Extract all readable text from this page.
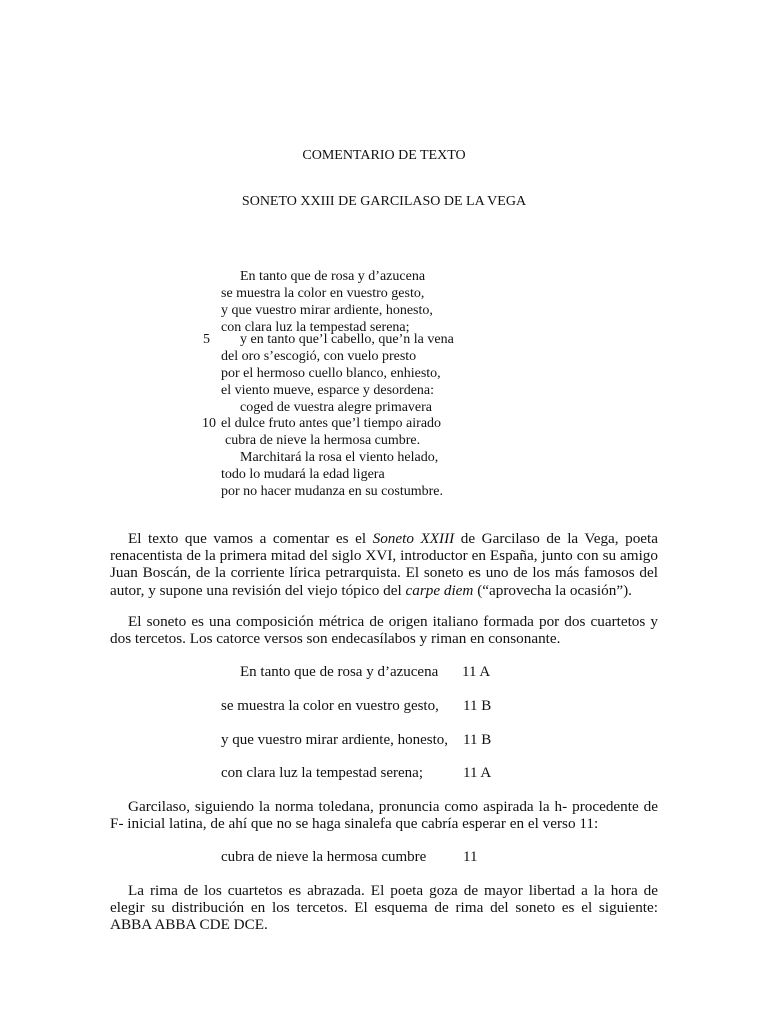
COMENTARIO DE TEXTO
SONETO XXIII DE GARCILASO DE LA VEGA
En tanto que de rosa y d’azucena
se muestra la color en vuestro gesto,
y que vuestro mirar ardiente, honesto,
con clara luz la tempestad serena;
5 y en tanto que’l cabello, que’n la vena
del oro s’escogió, con vuelo presto
por el hermoso cuello blanco, enhiesto,
el viento mueve, esparce y desordena:
coged de vuestra alegre primavera
10 el dulce fruto antes que’l tiempo airado
cubra de nieve la hermosa cumbre.
Marchitará la rosa el viento helado,
todo lo mudará la edad ligera
por no hacer mudanza en su costumbre.

El texto que vamos a comentar es el Soneto XXIII de Garcilaso de la Vega, poeta renacentista de la primera mitad del siglo XVI, introductor en España, junto con su amigo Juan Boscán, de la corriente lírica petrarquista. El soneto es uno de los más famosos del autor, y supone una revisión del viejo tópico del carpe diem (“aprovecha la ocasión”).

El soneto es una composición métrica de origen italiano formada por dos cuartetos y dos tercetos. Los catorce versos son endecasílabos y riman en consonante.

En tanto que de rosa y d’azucena 11 A
se muestra la color en vuestro gesto, 11 B
y que vuestro mirar ardiente, honesto, 11 B
con clara luz la tempestad serena;	11 A

Garcilaso, siguiendo la norma toledana, pronuncia como aspirada la h- procedente de F- inicial latina, de ahí que no se haga sinalefa que cabría esperar en el verso 11:

cubra de nieve la hermosa cumbre 11

La rima de los cuartetos es abrazada. El poeta goza de mayor libertad a la hora de elegir su distribución en los tercetos. El esquema de rima del soneto es el siguiente: ABBA ABBA CDE DCE.
